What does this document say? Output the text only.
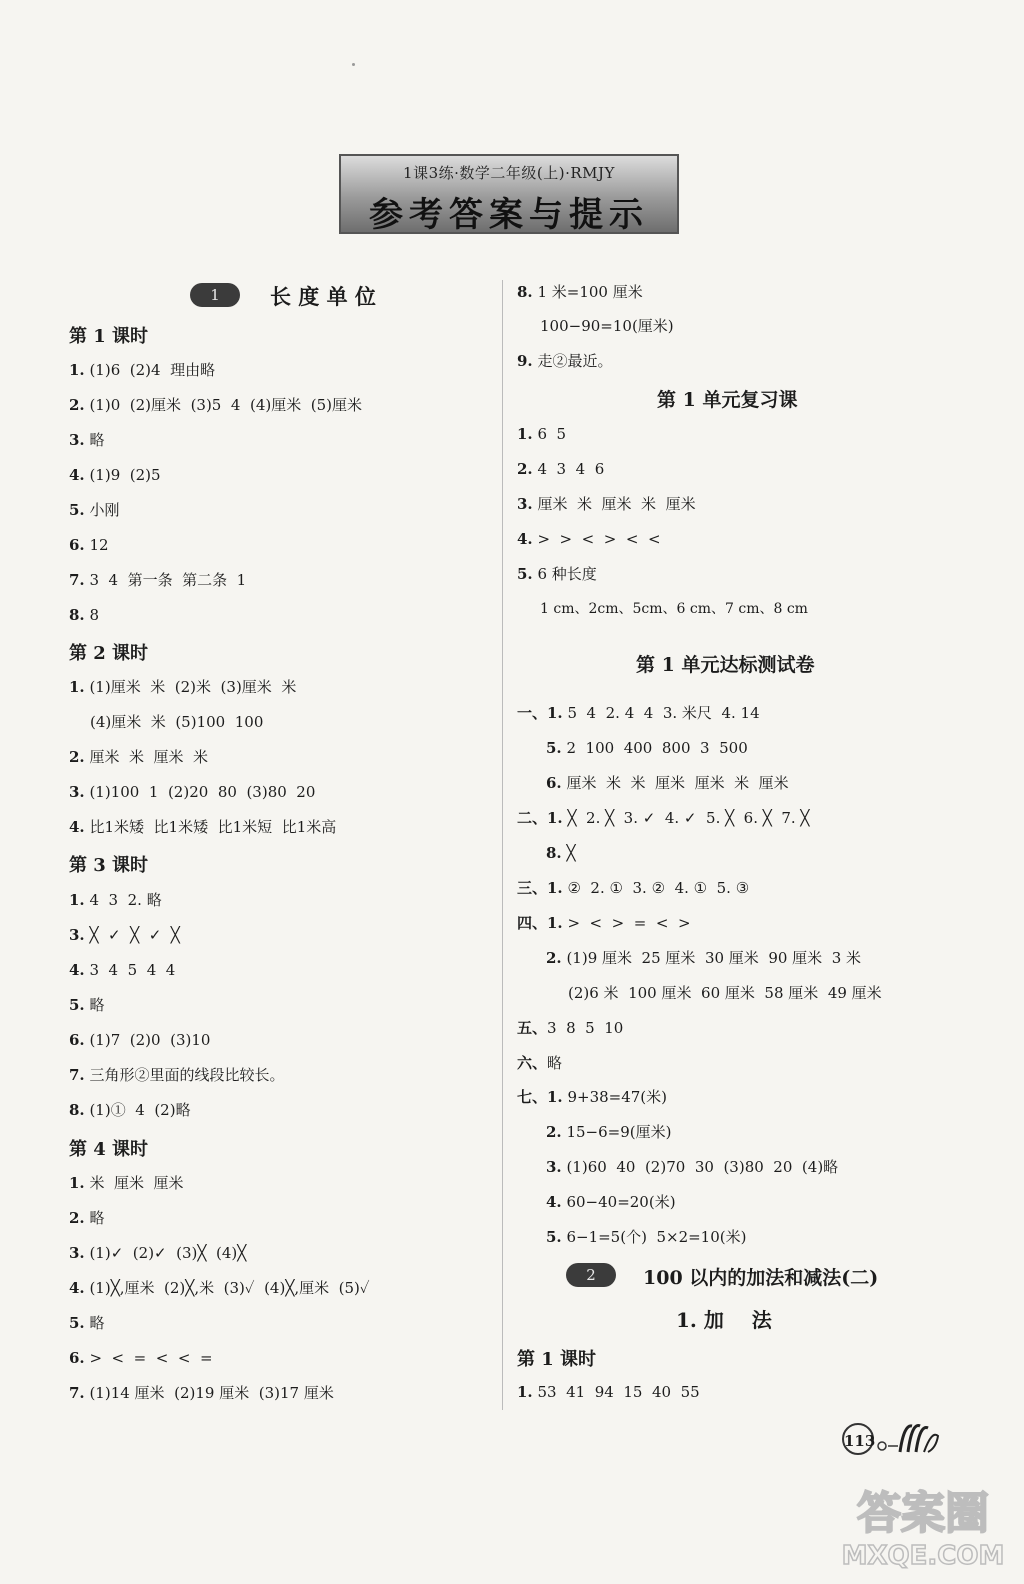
1课3练·数学二年级(上)·RMJY
参考答案与提示
1	长 度 单 位
第 1 课时
1. (1)6  (2)4  理由略
2. (1)0  (2)厘米  (3)5  4  (4)厘米  (5)厘米
3. 略
4. (1)9  (2)5
5. 小刚
6. 12
7. 3  4  第一条  第二条  1
8. 8
第 2 课时
1. (1)厘米  米  (2)米  (3)厘米  米
(4)厘米  米  (5)100  100
2. 厘米  米  厘米  米
3. (1)100  1  (2)20  80  (3)80  20
4. 比1米矮  比1米矮  比1米短  比1米高
第 3 课时
1. 4  3  2. 略
3. ╳  ✓  ╳  ✓  ╳
4. 3  4  5  4  4
5. 略
6. (1)7  (2)0  (3)10
7. 三角形②里面的线段比较长。
8. (1)①  4  (2)略
第 4 课时
1. 米  厘米  厘米
2. 略
3. (1)✓  (2)✓  (3)╳  (4)╳
4. (1)╳,厘米  (2)╳,米  (3)✓  (4)╳,厘米  (5)✓
5. 略
6. >  <  =  <  <  =
7. (1)14 厘米  (2)19 厘米  (3)17 厘米
8. 1 米=100 厘米
100−90=10(厘米)
9. 走②最近。
第 1 单元复习课
1. 6  5
2. 4  3  4  6
3. 厘米  米  厘米  米  厘米
4. >  >  <  >  <  <
5. 6 种长度
1 cm、2cm、5cm、6 cm、7 cm、8 cm
第 1 单元达标测试卷
一、1. 5  4  2. 4  4  3. 米尺  4. 14
5. 2  100  400  800  3  500
6. 厘米  米  米  厘米  厘米  米  厘米
二、1. ╳  2. ╳  3. ✓  4. ✓  5. ╳  6. ╳  7. ╳
8. ╳
三、1. ②  2. ①  3. ②  4. ①  5. ③
四、1. >  <  >  =  <  >
2. (1)9 厘米  25 厘米  30 厘米  90 厘米  3 米
(2)6 米  100 厘米  60 厘米  58 厘米  49 厘米
五、3  8  5  10
六、略
七、1. 9+38=47(米)
2. 15−6=9(厘米)
3. (1)60  40  (2)70  30  (3)80  20  (4)略
4. 60−40=20(米)
5. 6−1=5(个)  5×2=10(米)
2	100 以内的加法和减法(二)
1. 加    法
第 1 课时
1. 53  41  94  15  40  55
113
答案圈
MXQE.COM
